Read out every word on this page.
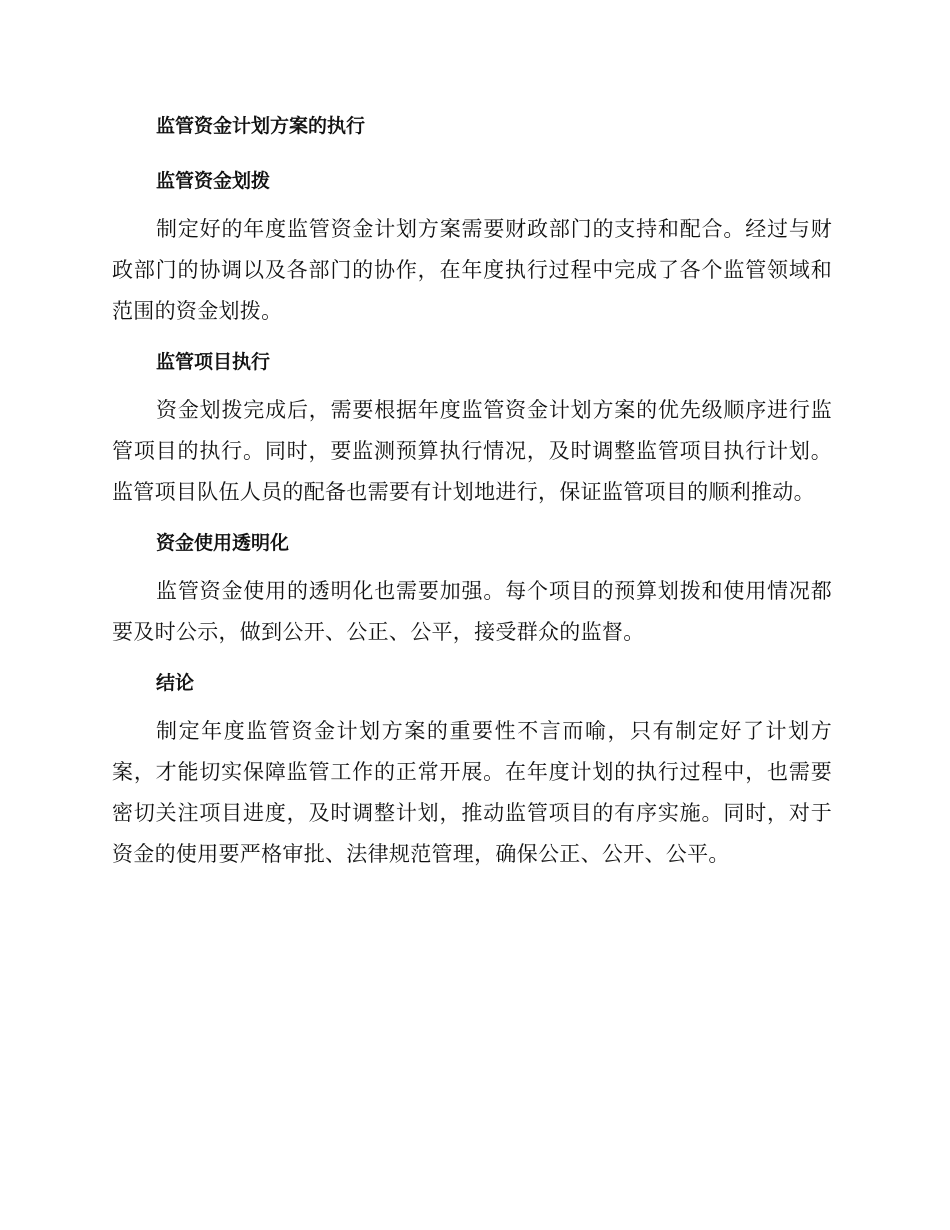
监管资金计划方案的执行
监管资金划拨

制定好的年度监管资金计划方案需要财政部门的支持和配合。经过与财政部门的协调以及各部门的协作，在年度执行过程中完成了各个监管领域和范围的资金划拨。

监管项目执行

资金划拨完成后，需要根据年度监管资金计划方案的优先级顺序进行监管项目的执行。同时，要监测预算执行情况，及时调整监管项目执行计划。监管项目队伍人员的配备也需要有计划地进行，保证监管项目的顺利推动。

资金使用透明化

监管资金使用的透明化也需要加强。每个项目的预算划拨和使用情况都要及时公示，做到公开、公正、公平，接受群众的监督。

结论

制定年度监管资金计划方案的重要性不言而喻，只有制定好了计划方案，才能切实保障监管工作的正常开展。在年度计划的执行过程中，也需要密切关注项目进度，及时调整计划，推动监管项目的有序实施。同时，对于资金的使用要严格审批、法律规范管理，确保公正、公开、公平。
